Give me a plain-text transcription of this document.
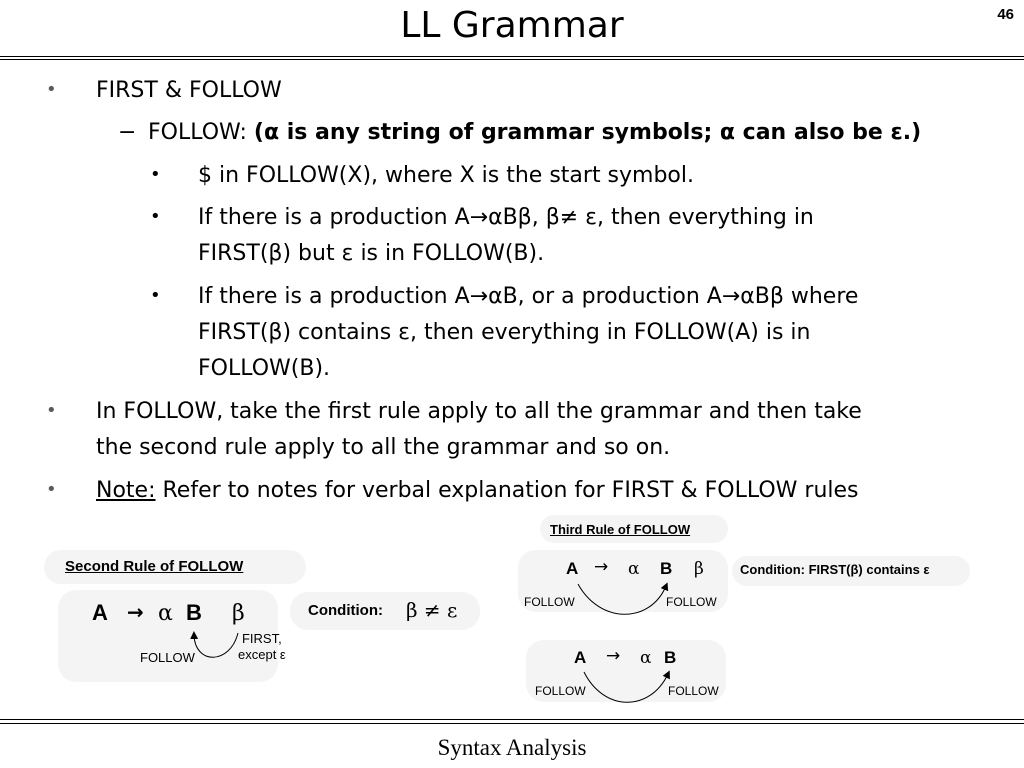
LL Grammar	46
• FIRST & FOLLOW
− FOLLOW: (α is any string of grammar symbols; α can also be ε.)
• $ in FOLLOW(X), where X is the start symbol.
• If there is a production A→αBβ, β≠ ε, then everything in
FIRST(β) but ε is in FOLLOW(B).
• If there is a production A→αB, or a production A→αBβ where
FIRST(β) contains ε, then everything in FOLLOW(A) is in
FOLLOW(B).
• In FOLLOW, take the first rule apply to all the grammar and then take
the second rule apply to all the grammar and so on.
• Note: Refer to notes for verbal explanation for FIRST & FOLLOW rules
Second Rule of FOLLOW
A → α B β
FIRST,
except ε
FOLLOW
Condition: β ≠ ε
Third Rule of FOLLOW
A → α B β
FOLLOW	FOLLOW
Condition: FIRST(β) contains ε
A → α B
FOLLOW	FOLLOW
Syntax Analysis
